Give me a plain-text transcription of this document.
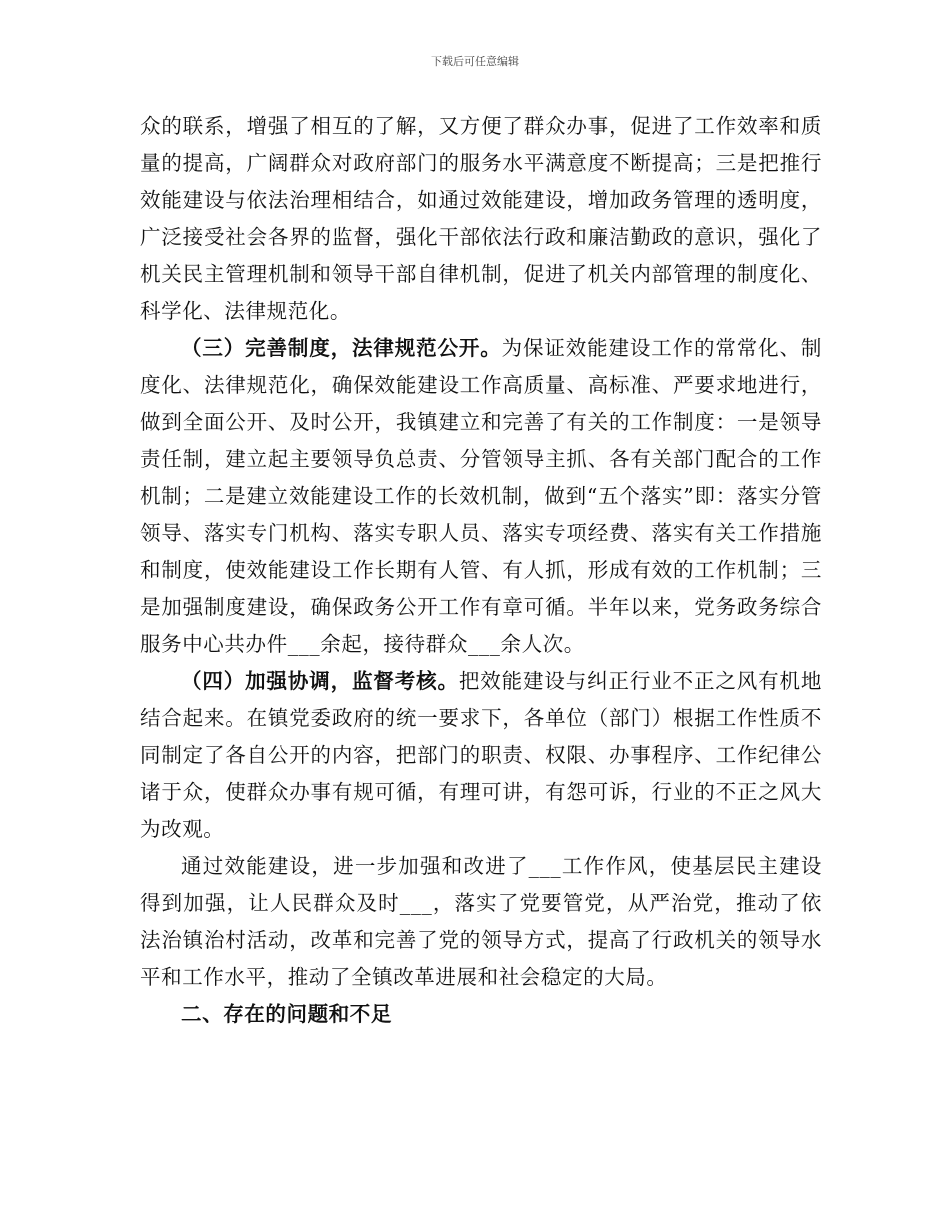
下载后可任意编辑

众的联系，增强了相互的了解，又方便了群众办事，促进了工作效率和质量的提高，广阔群众对政府部门的服务水平满意度不断提高；三是把推行效能建设与依法治理相结合，如通过效能建设，增加政务管理的透明度，广泛接受社会各界的监督，强化干部依法行政和廉洁勤政的意识，强化了机关民主管理机制和领导干部自律机制，促进了机关内部管理的制度化、科学化、法律规范化。

（三）完善制度，法律规范公开。为保证效能建设工作的常常化、制度化、法律规范化，确保效能建设工作高质量、高标准、严要求地进行，做到全面公开、及时公开，我镇建立和完善了有关的工作制度：一是领导责任制，建立起主要领导负总责、分管领导主抓、各有关部门配合的工作机制；二是建立效能建设工作的长效机制，做到“五个落实”即：落实分管领导、落实专门机构、落实专职人员、落实专项经费、落实有关工作措施和制度，使效能建设工作长期有人管、有人抓，形成有效的工作机制；三是加强制度建设，确保政务公开工作有章可循。半年以来，党务政务综合服务中心共办件___余起，接待群众___余人次。

（四）加强协调，监督考核。把效能建设与纠正行业不正之风有机地结合起来。在镇党委政府的统一要求下，各单位（部门）根据工作性质不同制定了各自公开的内容，把部门的职责、权限、办事程序、工作纪律公诸于众，使群众办事有规可循，有理可讲，有怨可诉，行业的不正之风大为改观。

通过效能建设，进一步加强和改进了___工作作风，使基层民主建设得到加强，让人民群众及时___，落实了党要管党，从严治党，推动了依法治镇治村活动，改革和完善了党的领导方式，提高了行政机关的领导水平和工作水平，推动了全镇改革进展和社会稳定的大局。

二、存在的问题和不足
